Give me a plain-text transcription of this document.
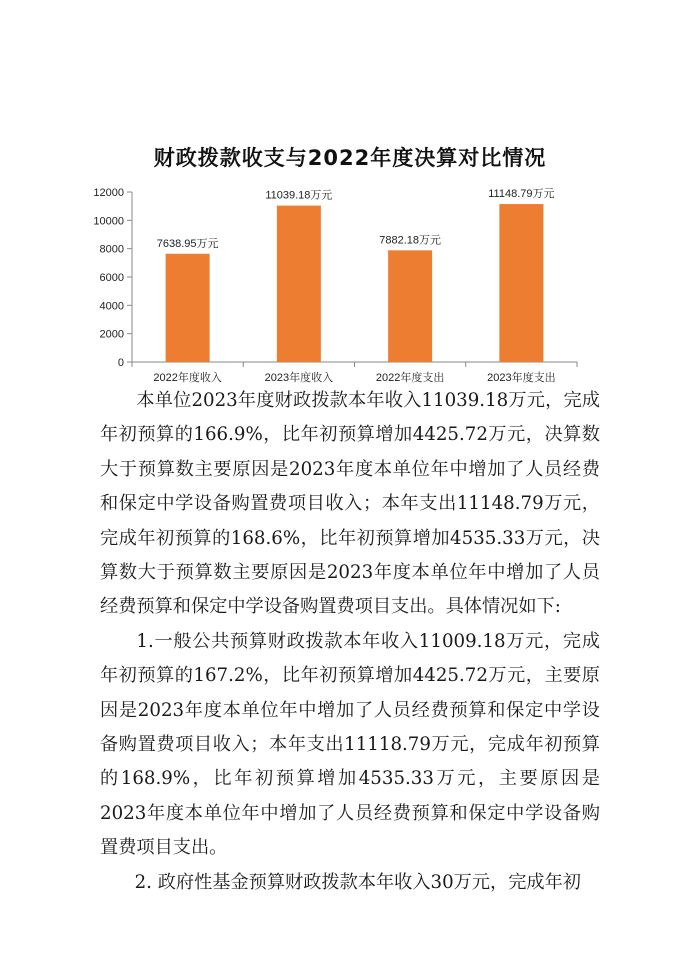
财政拨款收支与2022年度决算对比情况
0
2000
4000
6000
8000
10000
12000
7638.95万元
2022年度收入
11039.18万元
2023年度收入
7882.18万元
2022年度支出
11148.79万元
2023年度支出

本单位2023年度财政拨款本年收入11039.18万元，完成年初预算的166.9%，比年初预算增加4425.72万元，决算数大于预算数主要原因是2023年度本单位年中增加了人员经费和保定中学设备购置费项目收入；本年支出11148.79万元，完成年初预算的168.6%，比年初预算增加4535.33万元，决算数大于预算数主要原因是2023年度本单位年中增加了人员经费预算和保定中学设备购置费项目支出。具体情况如下:

1.一般公共预算财政拨款本年收入11009.18万元，完成年初预算的167.2%，比年初预算增加4425.72万元，主要原因是2023年度本单位年中增加了人员经费预算和保定中学设备购置费项目收入；本年支出11118.79万元，完成年初预算的168.9%，比年初预算增加4535.33万元，主要原因是2023年度本单位年中增加了人员经费预算和保定中学设备购置费项目支出。

2. 政府性基金预算财政拨款本年收入30万元，完成年初
